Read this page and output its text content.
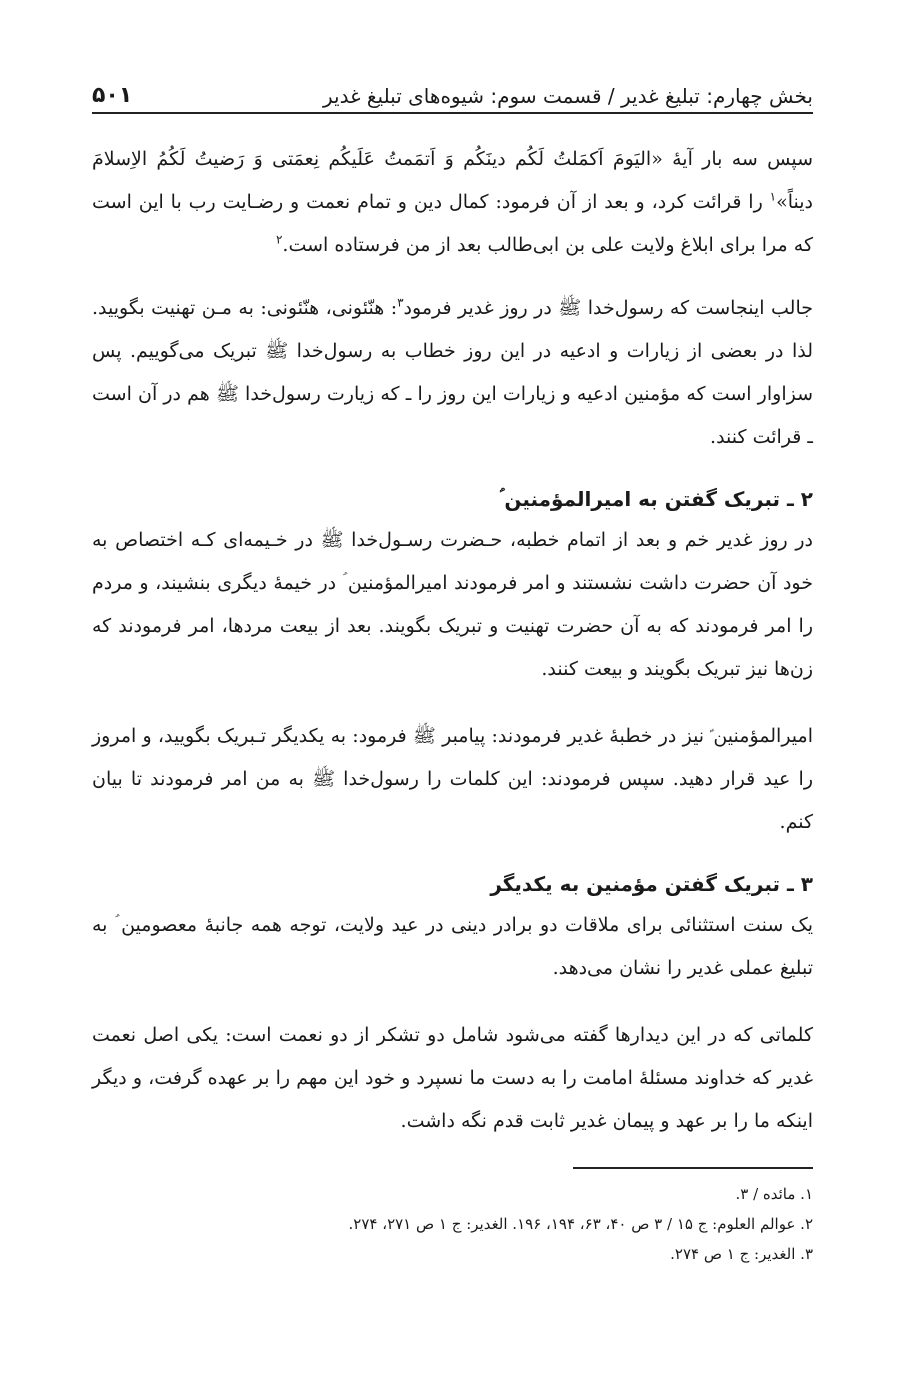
بخش چهارم: تبلیغ غدیر / قسمت سوم: شیوه‌های تبلیغ غدیر
۵۰۱

سپس سه بار آیهٔ «الیَومَ اَکمَلتُ لَکُم دینَکُم وَ اَتمَمتُ عَلَیکُم نِعمَتی وَ رَضیتُ لَکُمُ الاِسلامَ دیناً»$^۱$ را قرائت کرد، و بعد از آن فرمود: کمال دین و تمام نعمت و رضـایت رب با این است که مرا برای ابلاغ ولایت علی بن ابی‌طالب بعد از من فرستاده است.$^۲$

جالب اینجاست که رسول‌خدا ﷺ در روز غدیر فرمود$^۳$: هنّئونی، هنّئونی: به مـن تهنیت بگویید. لذا در بعضی از زیارات و ادعیه در این روز خطاب به رسول‌خدا ﷺ تبریک می‌گوییم. پس سزاوار است که مؤمنین ادعیه و زیارات این روز را ـ که زیارت رسول‌خدا ﷺ هم در آن است ـ قرائت کنند.

۲ ـ تبریک گفتن به امیرالمؤمنین ؑ

در روز غدیر خم و بعد از اتمام خطبه، حـضرت رسـول‌خدا ﷺ در خـیمه‌ای کـه اختصاص به خود آن حضرت داشت نشستند و امر فرمودند امیرالمؤمنین ؑ در خیمهٔ دیگری بنشیند، و مردم را امر فرمودند که به آن حضرت تهنیت و تبریک بگویند. بعد از بیعت مردها، امر فرمودند که زن‌ها نیز تبریک بگویند و بیعت کنند.

امیرالمؤمنین ؑ نیز در خطبهٔ غدیر فرمودند: پیامبر ﷺ فرمود: به یکدیگر تـبریک بگویید، و امروز را عید قرار دهید. سپس فرمودند: این کلمات را رسول‌خدا ﷺ به من امر فرمودند تا بیان کنم.

۳ ـ تبریک گفتن مؤمنین به یکدیگر

یک سنت استثنائی برای ملاقات دو برادر دینی در عید ولایت، توجه همه جانبهٔ معصومین ؑ به تبلیغ عملی غدیر را نشان می‌دهد.

کلماتی که در این دیدارها گفته می‌شود شامل دو تشکر از دو نعمت است: یکی اصل نعمت غدیر که خداوند مسئلهٔ امامت را به دست ما نسپرد و خود این مهم را بر عهده گرفت، و دیگر اینکه ما را بر عهد و پیمان غدیر ثابت قدم نگه داشت.

۱. مائده / ۳.

۲. عوالم العلوم: ج ۱۵ / ۳ ص ۴۰، ۶۳، ۱۹۴، ۱۹۶. الغدیر: ج ۱ ص ۲۷۱، ۲۷۴.

۳. الغدیر: ج ۱ ص ۲۷۴.
